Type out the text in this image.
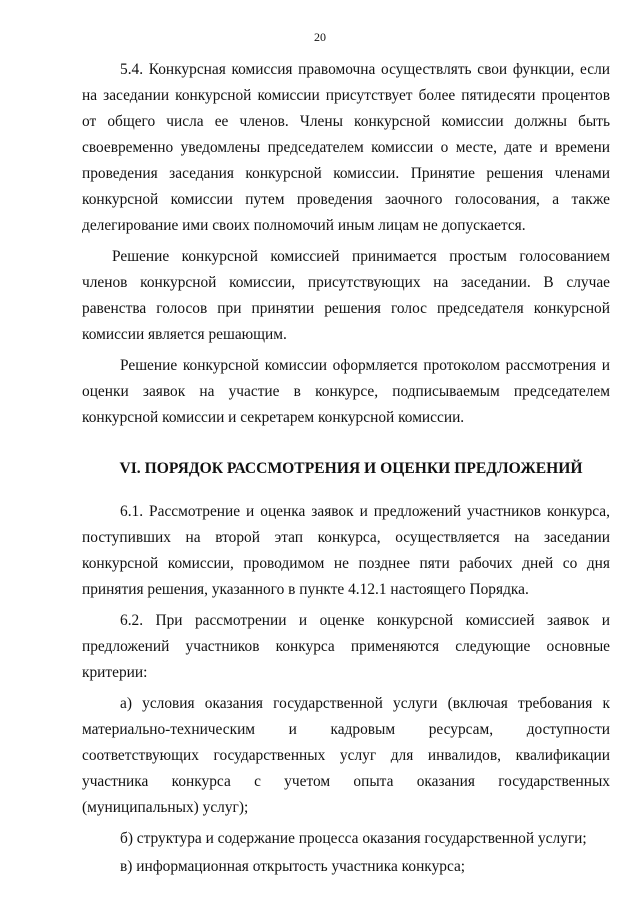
20

5.4. Конкурсная комиссия правомочна осуществлять свои функции, если на заседании конкурсной комиссии присутствует более пятидесяти процентов от общего числа ее членов. Члены конкурсной комиссии должны быть своевременно уведомлены председателем комиссии о месте, дате и времени проведения заседания конкурсной комиссии. Принятие решения членами конкурсной комиссии путем проведения заочного голосования, а также делегирование ими своих полномочий иным лицам не допускается.

Решение конкурсной комиссией принимается простым голосованием членов конкурсной комиссии, присутствующих на заседании. В случае равенства голосов при принятии решения голос председателя конкурсной комиссии является решающим.

Решение конкурсной комиссии оформляется протоколом рассмотрения и оценки заявок на участие в конкурсе, подписываемым председателем конкурсной комиссии и секретарем конкурсной комиссии.

VI. ПОРЯДОК РАССМОТРЕНИЯ И ОЦЕНКИ ПРЕДЛОЖЕНИЙ

6.1. Рассмотрение и оценка заявок и предложений участников конкурса, поступивших на второй этап конкурса, осуществляется на заседании конкурсной комиссии, проводимом не позднее пяти рабочих дней со дня принятия решения, указанного в пункте 4.12.1 настоящего Порядка.

6.2. При рассмотрении и оценке конкурсной комиссией заявок и предложений участников конкурса применяются следующие основные критерии:

а) условия оказания государственной услуги (включая требования к материально-техническим и кадровым ресурсам, доступности соответствующих государственных услуг для инвалидов, квалификации участника конкурса с учетом опыта оказания государственных (муниципальных) услуг);

б) структура и содержание процесса оказания государственной услуги;

в) информационная открытость участника конкурса;
